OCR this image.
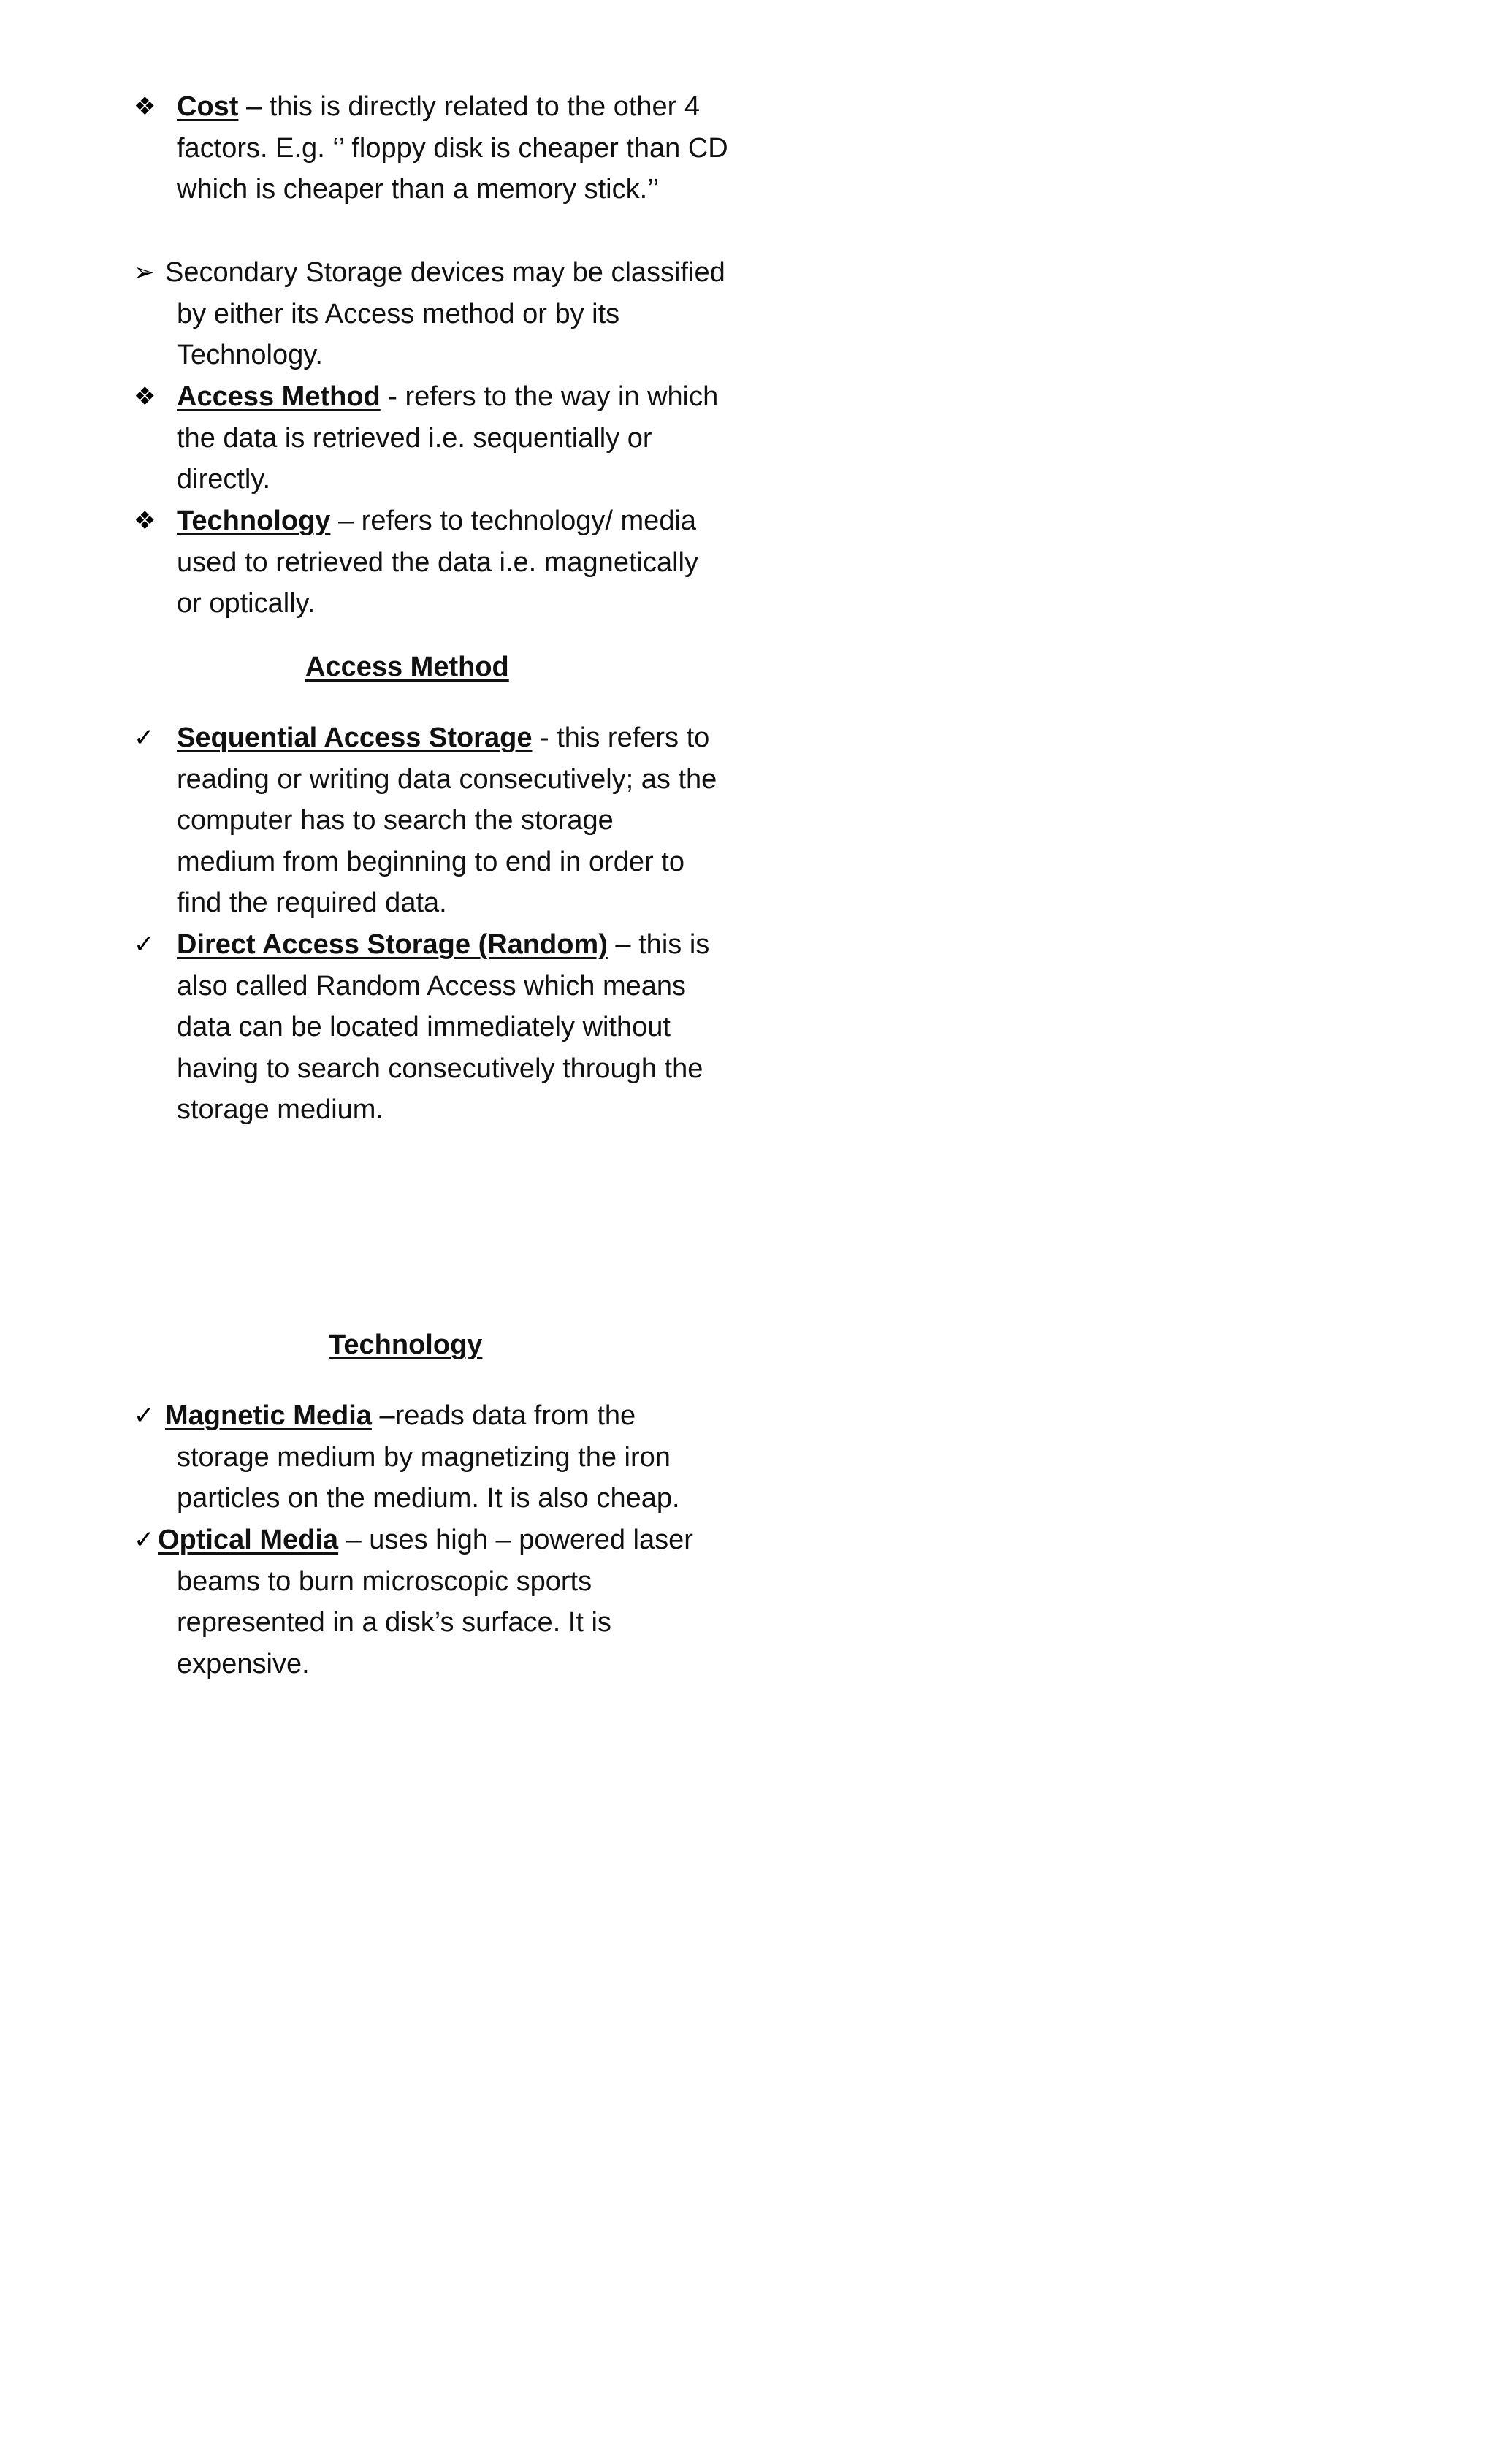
❖ Cost – this is directly related to the other 4
factors. E.g. ‘’ floppy disk is cheaper than CD
which is cheaper than a memory stick.’’
➢ Secondary Storage devices may be classified
by either its Access method or by its
Technology.
❖ Access Method - refers to the way in which
the data is retrieved i.e. sequentially or
directly.
❖ Technology – refers to technology/ media
used to retrieved the data i.e. magnetically
or optically.
Access Method
✓ Sequential Access Storage - this refers to
reading or writing data consecutively; as the
computer has to search the storage
medium from beginning to end in order to
find the required data.
✓ Direct Access Storage (Random) – this is
also called Random Access which means
data can be located immediately without
having to search consecutively through the
storage medium.
Technology
✓ Magnetic Media –reads data from the
storage medium by magnetizing the iron
particles on the medium. It is also cheap.
✓ Optical Media – uses high – powered laser
beams to burn microscopic sports
represented in a disk’s surface. It is
expensive.
